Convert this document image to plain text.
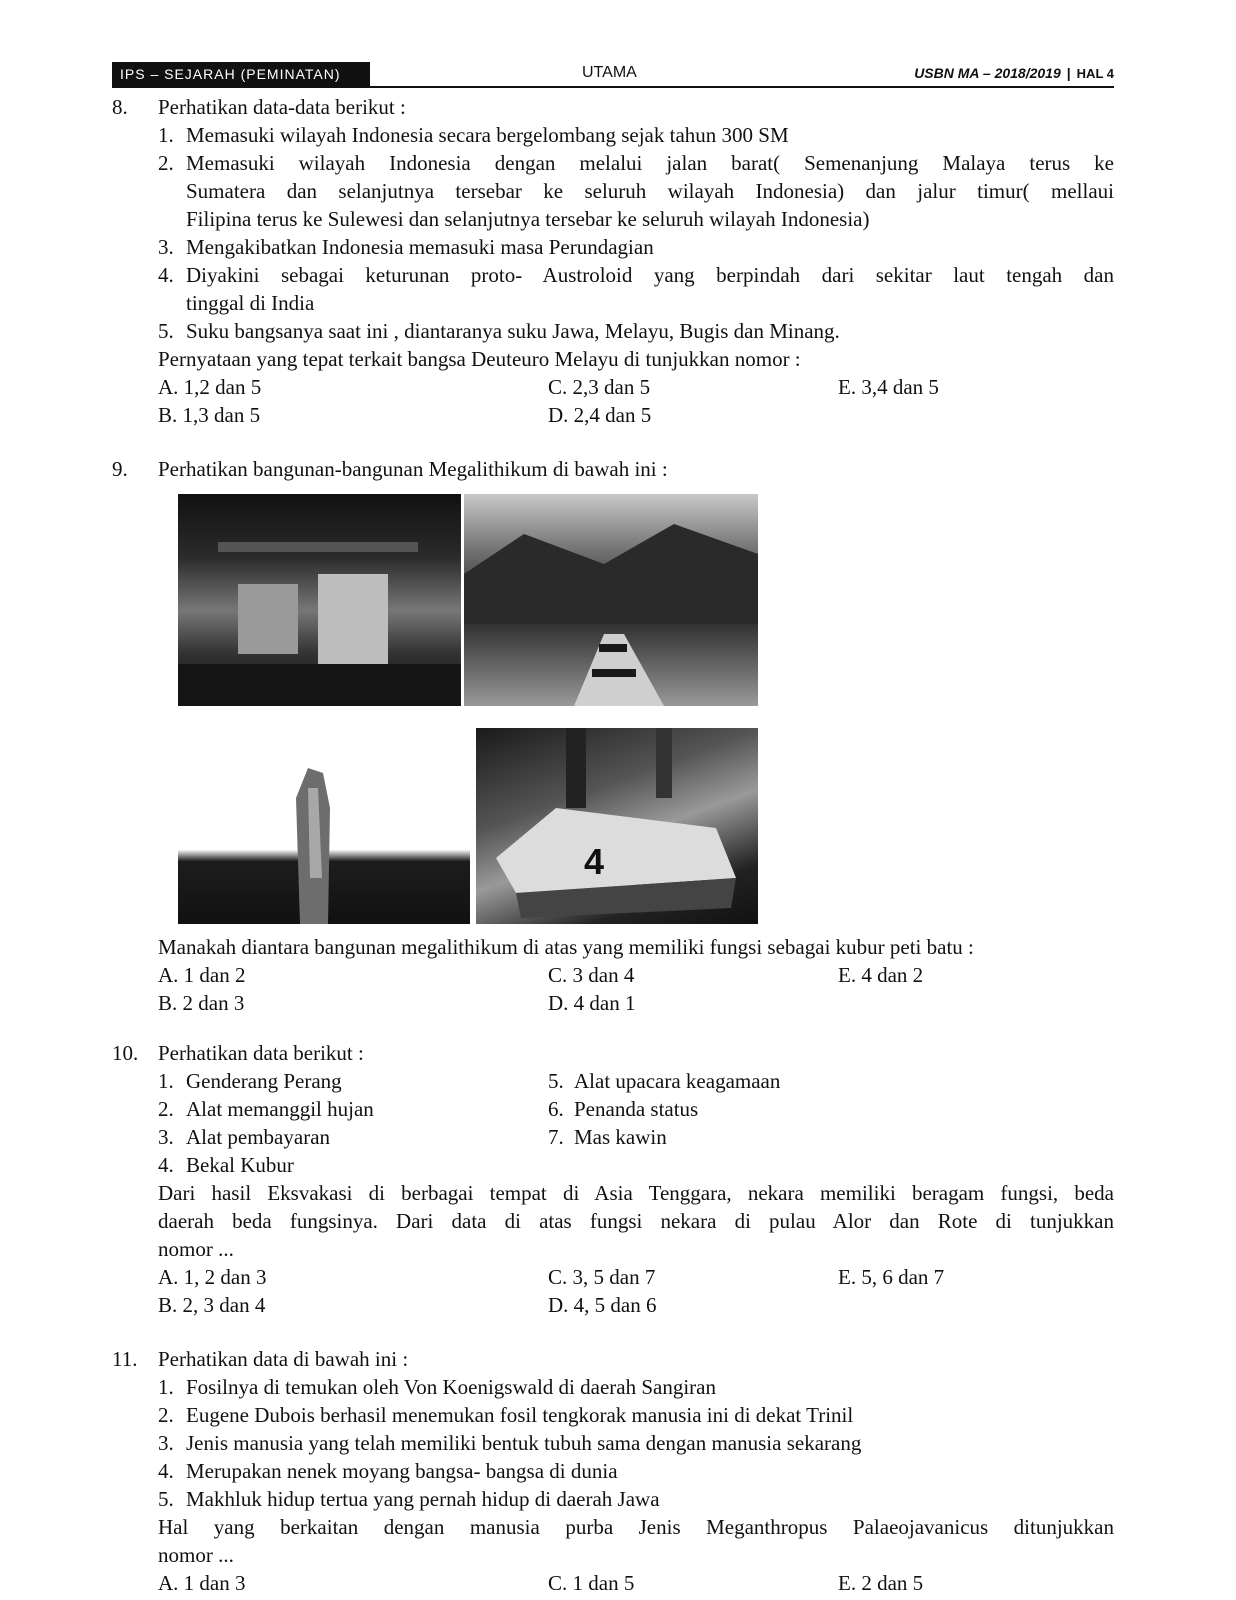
IPS – SEJARAH (PEMINATAN)	UTAMA	USBN MA – 2018/2019 | HAL 4
8. Perhatikan data-data berikut :
1. Memasuki wilayah Indonesia secara bergelombang sejak tahun 300 SM
2. Memasuki wilayah Indonesia dengan melalui jalan barat( Semenanjung Malaya terus ke
Sumatera dan selanjutnya tersebar ke seluruh wilayah Indonesia) dan jalur timur( mellaui
Filipina terus ke Sulewesi dan selanjutnya tersebar ke seluruh wilayah Indonesia)
3. Mengakibatkan Indonesia memasuki masa Perundagian
4. Diyakini sebagai keturunan proto- Austroloid yang berpindah dari sekitar laut tengah dan
tinggal di India
5. Suku bangsanya saat ini , diantaranya suku Jawa, Melayu, Bugis dan Minang.
Pernyataan yang tepat terkait bangsa Deuteuro Melayu di tunjukkan nomor :
A. 1,2 dan 5	C. 2,3 dan 5	E. 3,4 dan 5
B. 1,3 dan 5	D. 2,4 dan 5
9. Perhatikan bangunan-bangunan Megalithikum di bawah ini :
4
Manakah diantara bangunan megalithikum di atas yang memiliki fungsi sebagai kubur peti batu :
A. 1 dan 2	C. 3 dan 4	E. 4 dan 2
B. 2 dan 3	D. 4 dan 1
10. Perhatikan data berikut :
1. Genderang Perang
2. Alat memanggil hujan
3. Alat pembayaran
4. Bekal Kubur
5. Alat upacara keagamaan
6. Penanda status
7. Mas kawin
Dari hasil Eksvakasi di berbagai tempat di Asia Tenggara, nekara memiliki beragam fungsi, beda
daerah beda fungsinya. Dari data di atas fungsi nekara di pulau Alor dan Rote di tunjukkan
nomor ...
A. 1, 2 dan 3	C. 3, 5 dan 7	E. 5, 6 dan 7
B. 2, 3 dan 4	D. 4, 5 dan 6
11. Perhatikan data di bawah ini :
1. Fosilnya di temukan oleh Von Koenigswald di daerah Sangiran
2. Eugene Dubois berhasil menemukan fosil tengkorak manusia ini di dekat Trinil
3. Jenis manusia yang telah memiliki bentuk tubuh sama dengan manusia sekarang
4. Merupakan nenek moyang bangsa- bangsa di dunia
5. Makhluk hidup tertua yang pernah hidup di daerah Jawa
Hal yang berkaitan dengan manusia purba Jenis Meganthropus Palaeojavanicus ditunjukkan
nomor ...
A. 1 dan 3	C. 1 dan 5	E. 2 dan 5
